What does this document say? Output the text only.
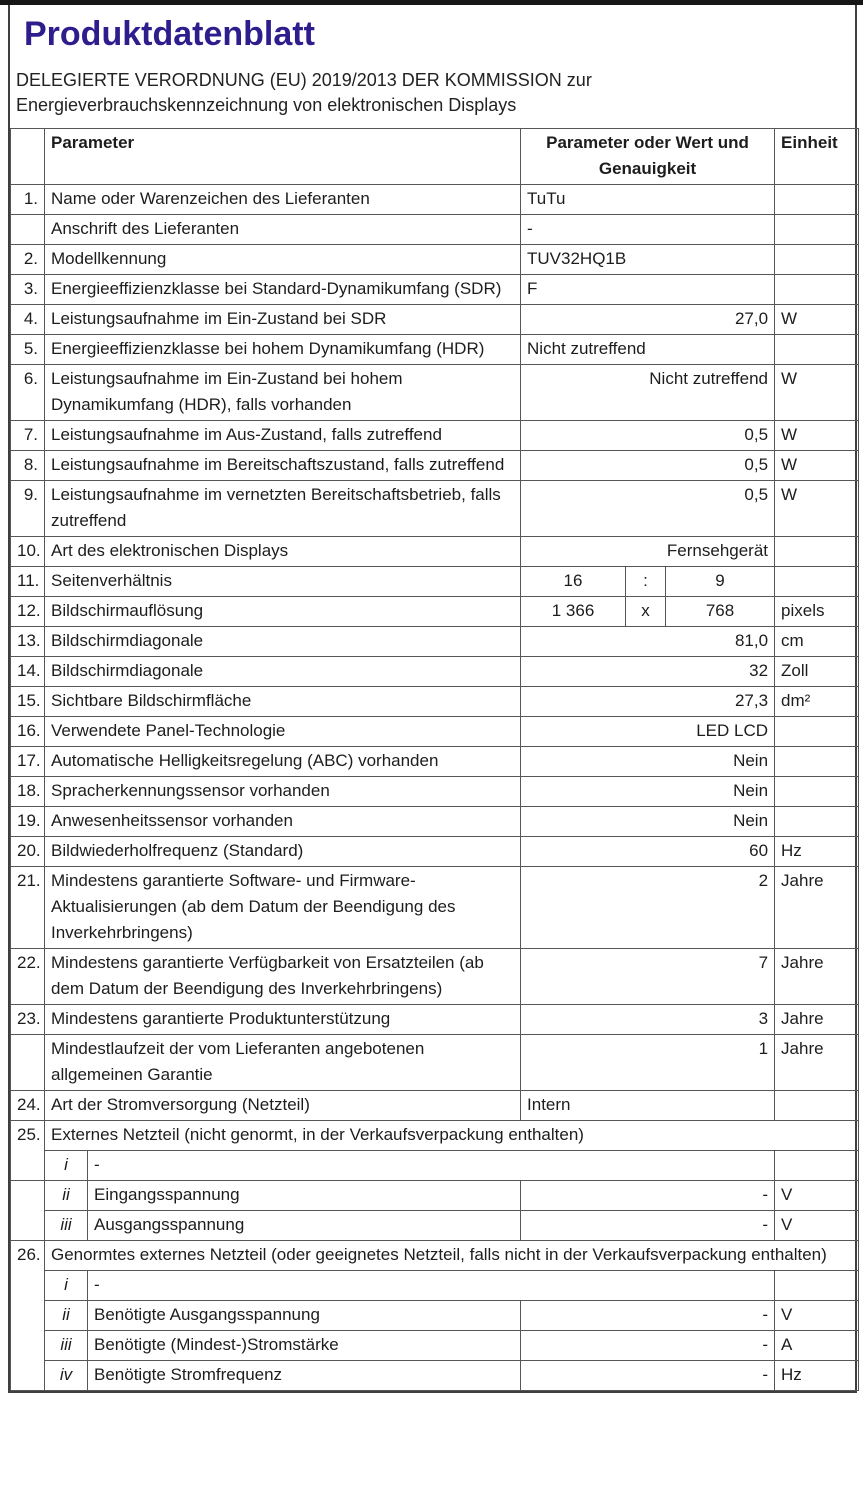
Produktdatenblatt
DELEGIERTE VERORDNUNG (EU) 2019/2013 DER KOMMISSION zur
Energieverbrauchskennzeichnung von elektronischen Displays
	Parameter		Parameter oder Wert und Genauigkeit			Einheit
1.	Name oder Warenzeichen des Lieferanten		TuTu			
	Anschrift des Lieferanten		-			
2.	Modellkennung		TUV32HQ1B			
3.	Energieeffizienzklasse bei Standard-Dynamikumfang (SDR)		F			
4.	Leistungsaufnahme im Ein-Zustand bei SDR		27,0			W
5.	Energieeffizienzklasse bei hohem Dynamikumfang (HDR)		Nicht zutreffend			
6.	Leistungsaufnahme im Ein-Zustand bei hohem Dynamikumfang (HDR), falls vorhanden		Nicht zutreffend			W
7.	Leistungsaufnahme im Aus-Zustand, falls zutreffend		0,5			W
8.	Leistungsaufnahme im Bereitschaftszustand, falls zutreffend		0,5			W
9.	Leistungsaufnahme im vernetzten Bereitschaftsbetrieb, falls zutreffend		0,5			W
10.	Art des elektronischen Displays		Fernsehgerät			
11.	Seitenverhältnis		16	:	9	
12.	Bildschirmauflösung		1 366	x	768	pixels
13.	Bildschirmdiagonale		81,0			cm
14.	Bildschirmdiagonale		32			Zoll
15.	Sichtbare Bildschirmfläche		27,3			dm²
16.	Verwendete Panel-Technologie		LED LCD			
17.	Automatische Helligkeitsregelung (ABC) vorhanden		Nein			
18.	Spracherkennungssensor vorhanden		Nein			
19.	Anwesenheitssensor vorhanden		Nein			
20.	Bildwiederholfrequenz (Standard)		60			Hz
21.	Mindestens garantierte Software- und Firmware-Aktualisierungen (ab dem Datum der Beendigung des Inverkehrbringens)		2			Jahre
22.	Mindestens garantierte Verfügbarkeit von Ersatzteilen (ab dem Datum der Beendigung des Inverkehrbringens)		7			Jahre
23.	Mindestens garantierte Produktunterstützung		3			Jahre
	Mindestlaufzeit der vom Lieferanten angebotenen allgemeinen Garantie		1			Jahre
24.	Art der Stromversorgung (Netzteil)		Intern			
25.	Externes Netzteil (nicht genormt, in der Verkaufsverpackung enthalten)					
	i	-				
	ii	Eingangsspannung	-			V
	iii	Ausgangsspannung	-			V
26.	Genormtes externes Netzteil (oder geeignetes Netzteil, falls nicht in der Verkaufsverpackung enthalten)					
	i	-				
	ii	Benötigte Ausgangsspannung	-			V
	iii	Benötigte (Mindest-)Stromstärke	-			A
	iv	Benötigte Stromfrequenz	-			Hz
